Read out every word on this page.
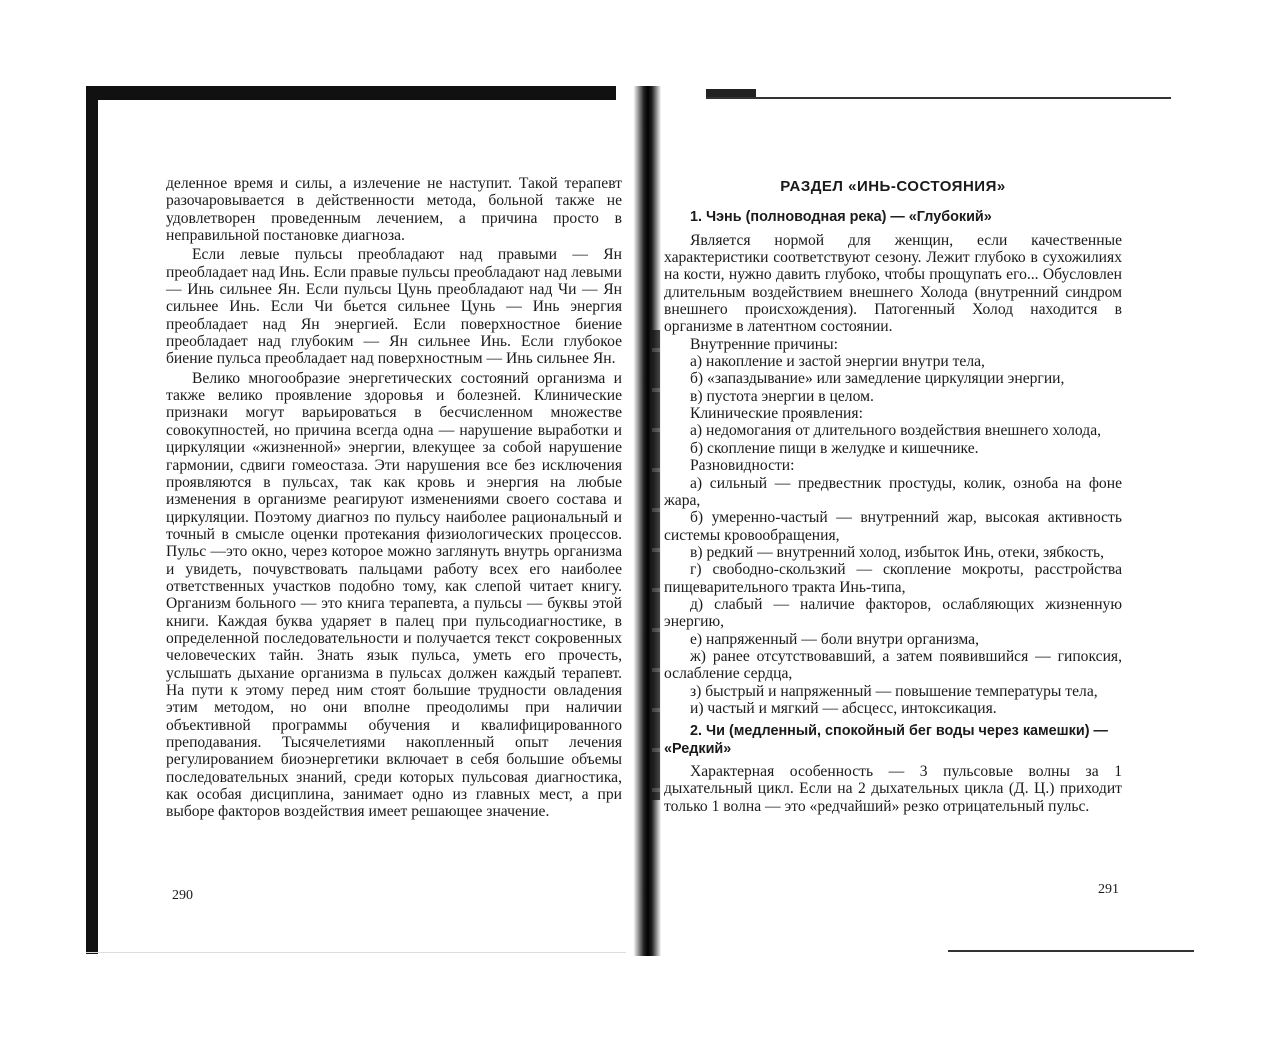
деленное время и силы, а излечение не наступит. Такой терапевт разочаровывается в действенности метода, больной также не удовлетворен проведенным лечением, а причина просто в неправильной постановке диагноза.

Если левые пульсы преобладают над правыми — Ян преобладает над Инь. Если правые пульсы преобладают над левыми — Инь сильнее Ян. Если пульсы Цунь преобладают над Чи — Ян сильнее Инь. Если Чи бьется сильнее Цунь — Инь энергия преобладает над Ян энергией. Если поверхностное биение преобладает над глубоким — Ян сильнее Инь. Если глубокое биение пульса преобладает над поверхностным — Инь сильнее Ян.

Велико многообразие энергетических состояний организма и также велико проявление здоровья и болезней. Клинические признаки могут варьироваться в бесчисленном множестве совокупностей, но причина всегда одна — нарушение выработки и циркуляции «жизненной» энергии, влекущее за собой нарушение гармонии, сдвиги гомеостаза. Эти нарушения все без исключения проявляются в пульсах, так как кровь и энергия на любые изменения в организме реагируют изменениями своего состава и циркуляции. Поэтому диагноз по пульсу наиболее рациональный и точный в смысле оценки протекания физиологических процессов. Пульс —это окно, через которое можно заглянуть внутрь организма и увидеть, почувствовать пальцами работу всех его наиболее ответственных участков подобно тому, как слепой читает книгу. Организм больного — это книга терапевта, а пульсы — буквы этой книги. Каждая буква ударяет в палец при пульсодиагностике, в определенной последовательности и получается текст сокровенных человеческих тайн. Знать язык пульса, уметь его прочесть, услышать дыхание организма в пульсах должен каждый терапевт. На пути к этому перед ним стоят большие трудности овладения этим методом, но они вполне преодолимы при наличии объективной программы обучения и квалифицированного преподавания. Тысячелетиями накопленный опыт лечения регулированием биоэнергетики включает в себя большие объемы последовательных знаний, среди которых пульсовая диагностика, как особая дисциплина, занимает одно из главных мест, а при выборе факторов воздействия имеет решающее значение.

290
РАЗДЕЛ «ИНЬ-СОСТОЯНИЯ»
1. Чэнь (полноводная река) — «Глубокий»

Является нормой для женщин, если качественные характеристики соответствуют сезону. Лежит глубоко в сухожилиях на кости, нужно давить глубоко, чтобы прощупать его... Обусловлен длительным воздействием внешнего Холода (внутренний синдром внешнего происхождения). Патогенный Холод находится в организме в латентном состоянии.

Внутренние причины:

а) накопление и застой энергии внутри тела,

б) «запаздывание» или замедление циркуляции энергии,

в) пустота энергии в целом.

Клинические проявления:

а) недомогания от длительного воздействия внешнего холода,

б) скопление пищи в желудке и кишечнике.

Разновидности:

а) сильный — предвестник простуды, колик, озноба на фоне жара,

б) умеренно-частый — внутренний жар, высокая активность системы кровообращения,

в) редкий — внутренний холод, избыток Инь, отеки, зябкость,

г) свободно-скользкий — скопление мокроты, расстройства пищеварительного тракта Инь-типа,

д) слабый — наличие факторов, ослабляющих жизненную энергию,

е) напряженный — боли внутри организма,

ж) ранее отсутствовавший, а затем появившийся — гипоксия, ослабление сердца,

з) быстрый и напряженный — повышение температуры тела,

и) частый и мягкий — абсцесс, интоксикация.

2. Чи (медленный, спокойный бег воды через камешки) — «Редкий»

Характерная особенность — 3 пульсовые волны за 1 дыхательный цикл. Если на 2 дыхательных цикла (Д. Ц.) приходит только 1 волна — это «редчайший» резко отрицательный пульс.

291
